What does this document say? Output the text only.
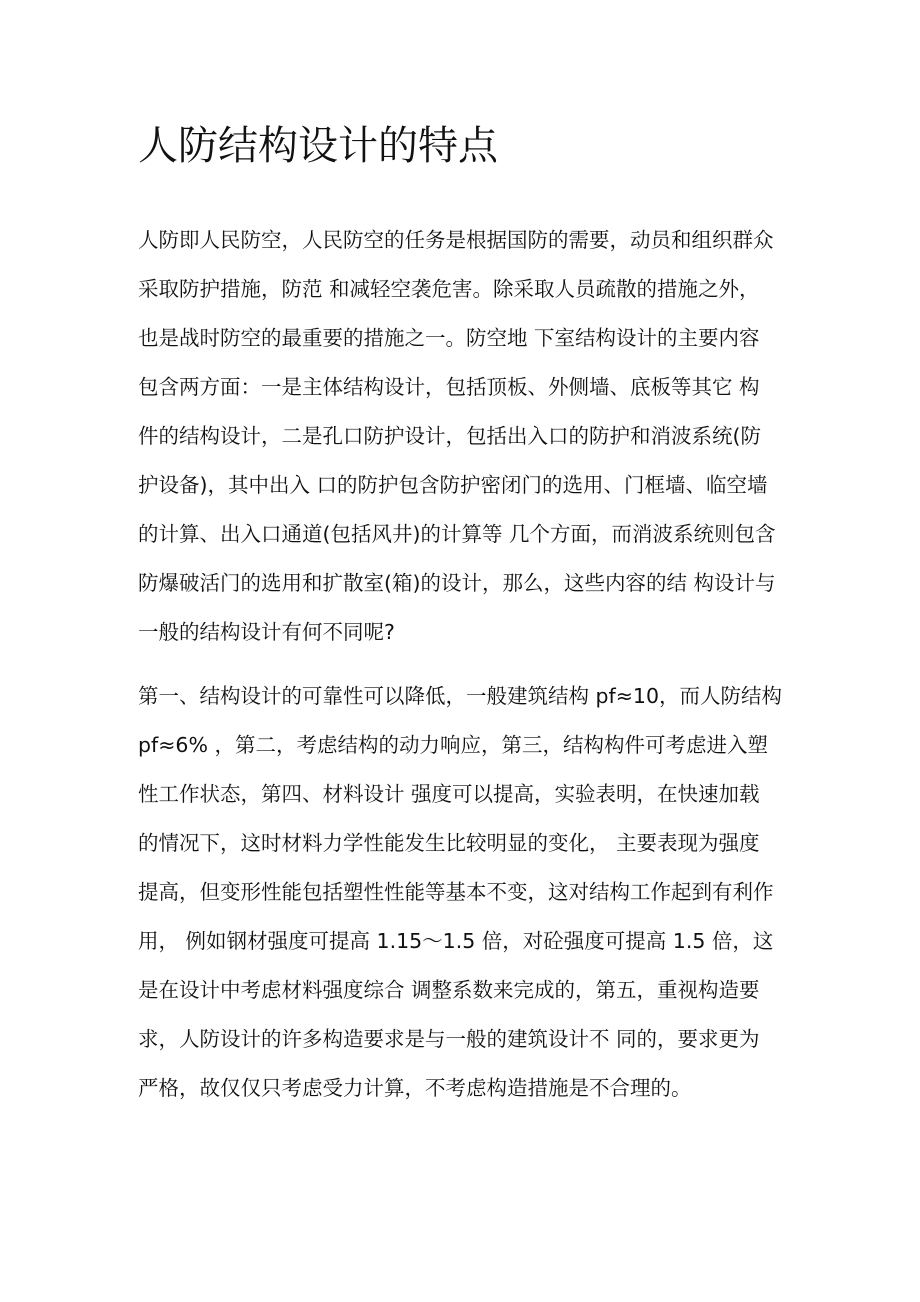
人防结构设计的特点
人防即人民防空，人民防空的任务是根据国防的需要，动员和组织群众
采取防护措施，防范 和减轻空袭危害。除采取人员疏散的措施之外，
也是战时防空的最重要的措施之一。防空地 下室结构设计的主要内容
包含两方面：一是主体结构设计，包括顶板、外侧墙、底板等其它 构
件的结构设计，二是孔口防护设计，包括出入口的防护和消波系统(防
护设备)，其中出入 口的防护包含防护密闭门的选用、门框墙、临空墙
的计算、出入口通道(包括风井)的计算等 几个方面，而消波系统则包含
防爆破活门的选用和扩散室(箱)的设计，那么，这些内容的结 构设计与
一般的结构设计有何不同呢?
第一、结构设计的可靠性可以降低，一般建筑结构 pf≈10，而人防结构
pf≈6% ，第二，考虑结构的动力响应，第三，结构构件可考虑进入塑
性工作状态，第四、材料设计 强度可以提高，实验表明，在快速加载
的情况下，这时材料力学性能发生比较明显的变化， 主要表现为强度
提高，但变形性能包括塑性性能等基本不变，这对结构工作起到有利作
用， 例如钢材强度可提高 1.15～1.5 倍，对砼强度可提高 1.5 倍，这
是在设计中考虑材料强度综合 调整系数来完成的，第五，重视构造要
求，人防设计的许多构造要求是与一般的建筑设计不 同的，要求更为
严格，故仅仅只考虑受力计算，不考虑构造措施是不合理的。
